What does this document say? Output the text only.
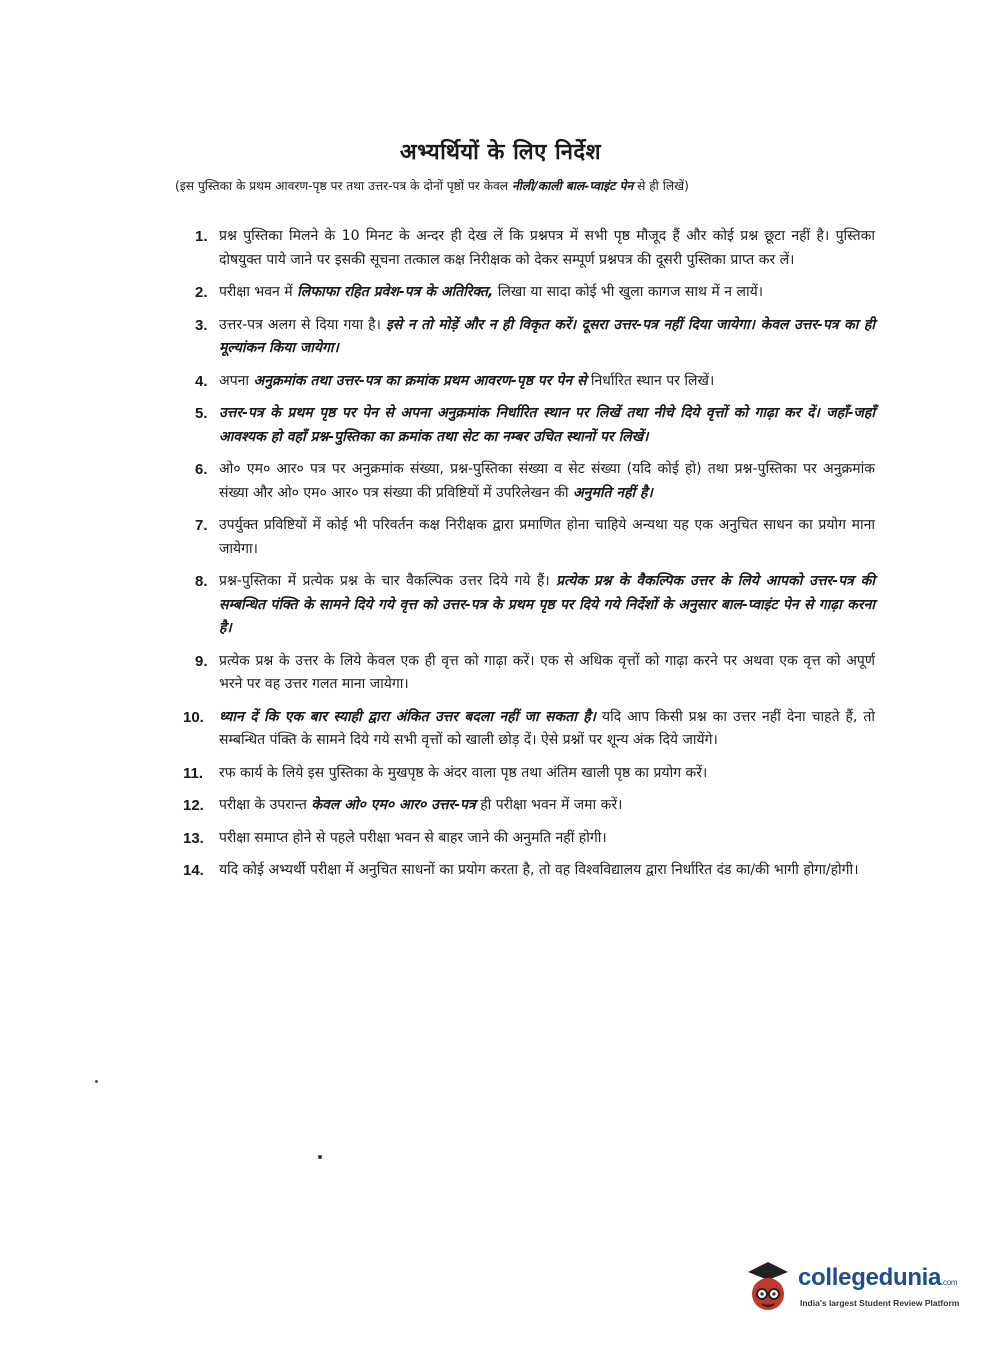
अभ्यर्थियों के लिए निर्देश
(इस पुस्तिका के प्रथम आवरण-पृष्ठ पर तथा उत्तर-पत्र के दोनों पृष्ठों पर केवल नीली/काली बाल-प्वाइंट पेन से ही लिखें)
1. प्रश्न पुस्तिका मिलने के 10 मिनट के अन्दर ही देख लें कि प्रश्नपत्र में सभी पृष्ठ मौजूद हैं और कोई प्रश्न छूटा नहीं है। पुस्तिका दोषयुक्त पाये जाने पर इसकी सूचना तत्काल कक्ष निरीक्षक को देकर सम्पूर्ण प्रश्नपत्र की दूसरी पुस्तिका प्राप्त कर लें।
2. परीक्षा भवन में लिफाफा रहित प्रवेश-पत्र के अतिरिक्त, लिखा या सादा कोई भी खुला कागज साथ में न लायें।
3. उत्तर-पत्र अलग से दिया गया है। इसे न तो मोड़ें और न ही विकृत करें। दूसरा उत्तर-पत्र नहीं दिया जायेगा। केवल उत्तर-पत्र का ही मूल्यांकन किया जायेगा।
4. अपना अनुक्रमांक तथा उत्तर-पत्र का क्रमांक प्रथम आवरण-पृष्ठ पर पेन से निर्धारित स्थान पर लिखें।
5. उत्तर-पत्र के प्रथम पृष्ठ पर पेन से अपना अनुक्रमांक निर्धारित स्थान पर लिखें तथा नीचे दिये वृत्तों को गाढ़ा कर दें। जहाँ-जहाँ आवश्यक हो वहाँ प्रश्न-पुस्तिका का क्रमांक तथा सेट का नम्बर उचित स्थानों पर लिखें।
6. ओ० एम० आर० पत्र पर अनुक्रमांक संख्या, प्रश्न-पुस्तिका संख्या व सेट संख्या (यदि कोई हो) तथा प्रश्न-पुस्तिका पर अनुक्रमांक संख्या और ओ० एम० आर० पत्र संख्या की प्रविष्टियों में उपरिलेखन की अनुमति नहीं है।
7. उपर्युक्त प्रविष्टियों में कोई भी परिवर्तन कक्ष निरीक्षक द्वारा प्रमाणित होना चाहिये अन्यथा यह एक अनुचित साधन का प्रयोग माना जायेगा।
8. प्रश्न-पुस्तिका में प्रत्येक प्रश्न के चार वैकल्पिक उत्तर दिये गये हैं। प्रत्येक प्रश्न के वैकल्पिक उत्तर के लिये आपको उत्तर-पत्र की सम्बन्धित पंक्ति के सामने दिये गये वृत्त को उत्तर-पत्र के प्रथम पृष्ठ पर दिये गये निर्देशों के अनुसार बाल-प्वाइंट पेन से गाढ़ा करना है।
9. प्रत्येक प्रश्न के उत्तर के लिये केवल एक ही वृत्त को गाढ़ा करें। एक से अधिक वृत्तों को गाढ़ा करने पर अथवा एक वृत्त को अपूर्ण भरने पर वह उत्तर गलत माना जायेगा।
10. ध्यान दें कि एक बार स्याही द्वारा अंकित उत्तर बदला नहीं जा सकता है। यदि आप किसी प्रश्न का उत्तर नहीं देना चाहते हैं, तो सम्बन्धित पंक्ति के सामने दिये गये सभी वृत्तों को खाली छोड़ दें। ऐसे प्रश्नों पर शून्य अंक दिये जायेंगे।
11. रफ कार्य के लिये इस पुस्तिका के मुखपृष्ठ के अंदर वाला पृष्ठ तथा अंतिम खाली पृष्ठ का प्रयोग करें।
12. परीक्षा के उपरान्त केवल ओ० एम० आर० उत्तर-पत्र ही परीक्षा भवन में जमा करें।
13. परीक्षा समाप्त होने से पहले परीक्षा भवन से बाहर जाने की अनुमति नहीं होगी।
14. यदि कोई अभ्यर्थी परीक्षा में अनुचित साधनों का प्रयोग करता है, तो वह विश्वविद्यालय द्वारा निर्धारित दंड का/की भागी होगा/होगी।
collegedunia.com
India's largest Student Review Platform
